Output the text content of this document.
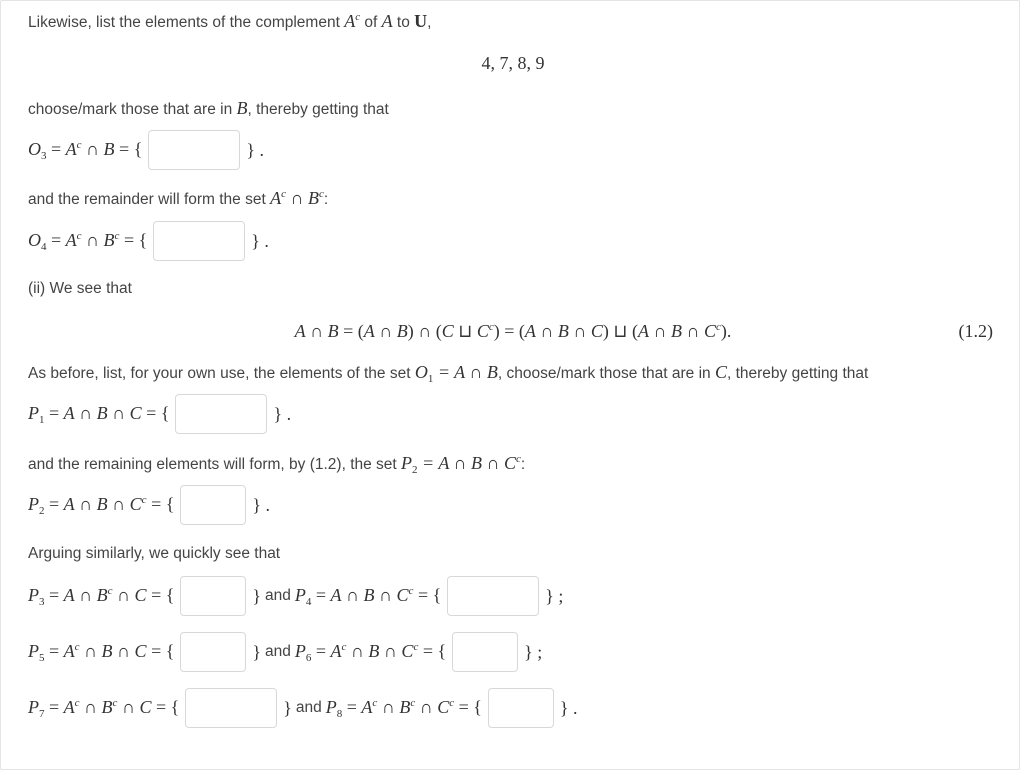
Likewise, list the elements of the complement $A^c$ of A to U,
4, 7, 8, 9
choose/mark those that are in B, thereby getting that
$O_3 = A^c$ ∩ B = {	} .
and the remainder will form the set $A^c$ ∩ $B^c$:
$O_4 = A^c$ ∩ $B^c$ = {	} .
(ii) We see that
A ∩ B = (A ∩ B) ∩ (C ⊔ $C^c) = (A$ ∩ B ∩ C) ⊔ (A ∩ B ∩ $C^c$).	(1.2)
As before, list, for your own use, the elements of the set $O_1 = A$ ∩ B, choose/mark those that are in C, thereby getting that
$P_1 = A$ ∩ B ∩ C = {	} .
and the remaining elements will form, by (1.2), the set $P_2 = A$ ∩ B ∩ $C^c$:
$P_2 = A$ ∩ B ∩ $C^c$ = {	} .
Arguing similarly, we quickly see that
$P_3 = A$ ∩ $B^c$ ∩ C = {	} and $P_4 = A$ ∩ B ∩ $C^c$ = {	} ;
$P_5 = A^c$ ∩ B ∩ C = {	} and $P_6 = A^c$ ∩ B ∩ $C^c$ = {	} ;
$P_7 = A^c$ ∩ $B^c$ ∩ C = {	} and $P_8 = A^c$ ∩ $B^c$ ∩ $C^c$ = {	} .
